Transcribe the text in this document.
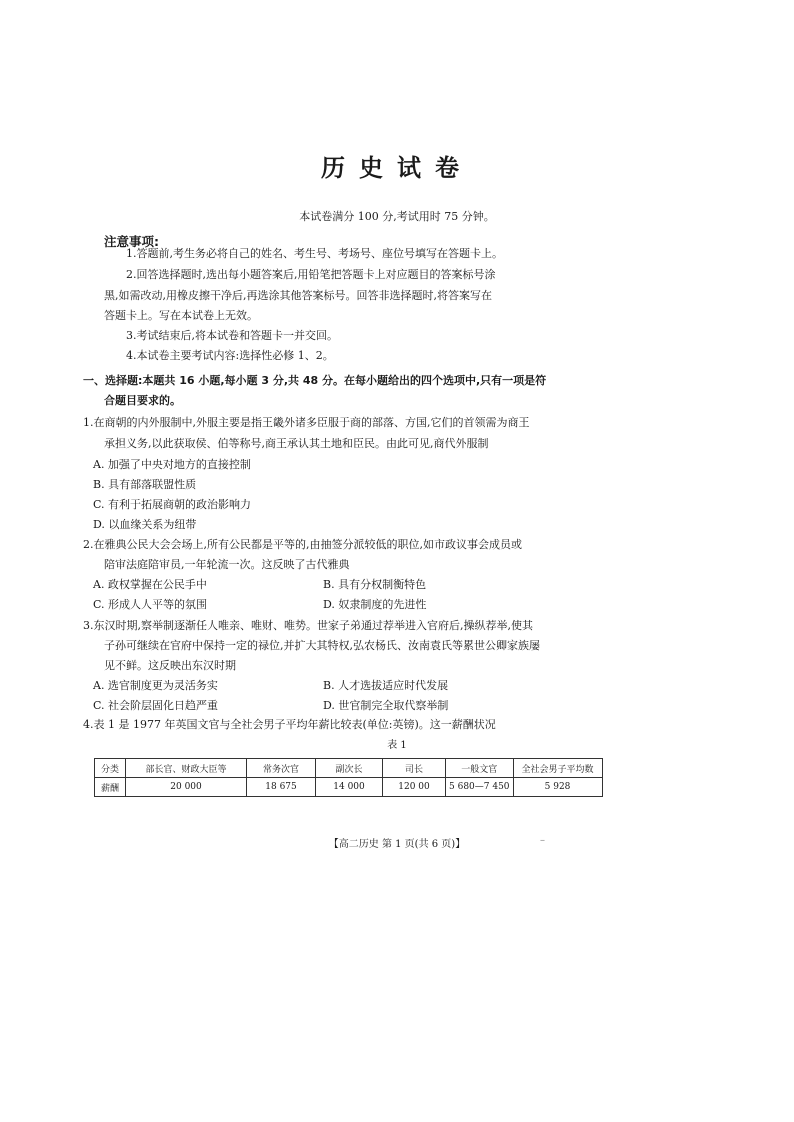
历史试卷
本试卷满分 100 分,考试用时 75 分钟。
注意事项:
1.答题前,考生务必将自己的姓名、考生号、考场号、座位号填写在答题卡上。
2.回答选择题时,选出每小题答案后,用铅笔把答题卡上对应题目的答案标号涂
黑,如需改动,用橡皮擦干净后,再选涂其他答案标号。回答非选择题时,将答案写在
答题卡上。写在本试卷上无效。
3.考试结束后,将本试卷和答题卡一并交回。
4.本试卷主要考试内容:选择性必修 1、2。
一、选择题:本题共 16 小题,每小题 3 分,共 48 分。在每小题给出的四个选项中,只有一项是符
合题目要求的。
1.在商朝的内外服制中,外服主要是指王畿外诸多臣服于商的部落、方国,它们的首领需为商王
承担义务,以此获取侯、伯等称号,商王承认其土地和臣民。由此可见,商代外服制
A. 加强了中央对地方的直接控制
B. 具有部落联盟性质
C. 有利于拓展商朝的政治影响力
D. 以血缘关系为纽带
2.在雅典公民大会会场上,所有公民都是平等的,由抽签分派较低的职位,如市政议事会成员或
陪审法庭陪审员,一年轮流一次。这反映了古代雅典
A. 政权掌握在公民手中	B. 具有分权制衡特色
C. 形成人人平等的氛围	D. 奴隶制度的先进性
3.东汉时期,察举制逐渐任人唯亲、唯财、唯势。世家子弟通过荐举进入官府后,操纵荐举,使其
子孙可继续在官府中保持一定的禄位,并扩大其特权,弘农杨氏、汝南袁氏等累世公卿家族屡
见不鲜。这反映出东汉时期
A. 选官制度更为灵活务实	B. 人才选拔适应时代发展
C. 社会阶层固化日趋严重	D. 世官制完全取代察举制
4.表 1 是 1977 年英国文官与全社会男子平均年薪比较表(单位:英镑)。这一薪酬状况
表 1
分类	部长官、财政大臣等	常务次官	副次长	司长	一般文官	全社会男子平均数
薪酬	20 000	18 675	14 000	120 00	5 680—7 450	5 928
【高二历史 第 1 页(共 6 页)】	–
